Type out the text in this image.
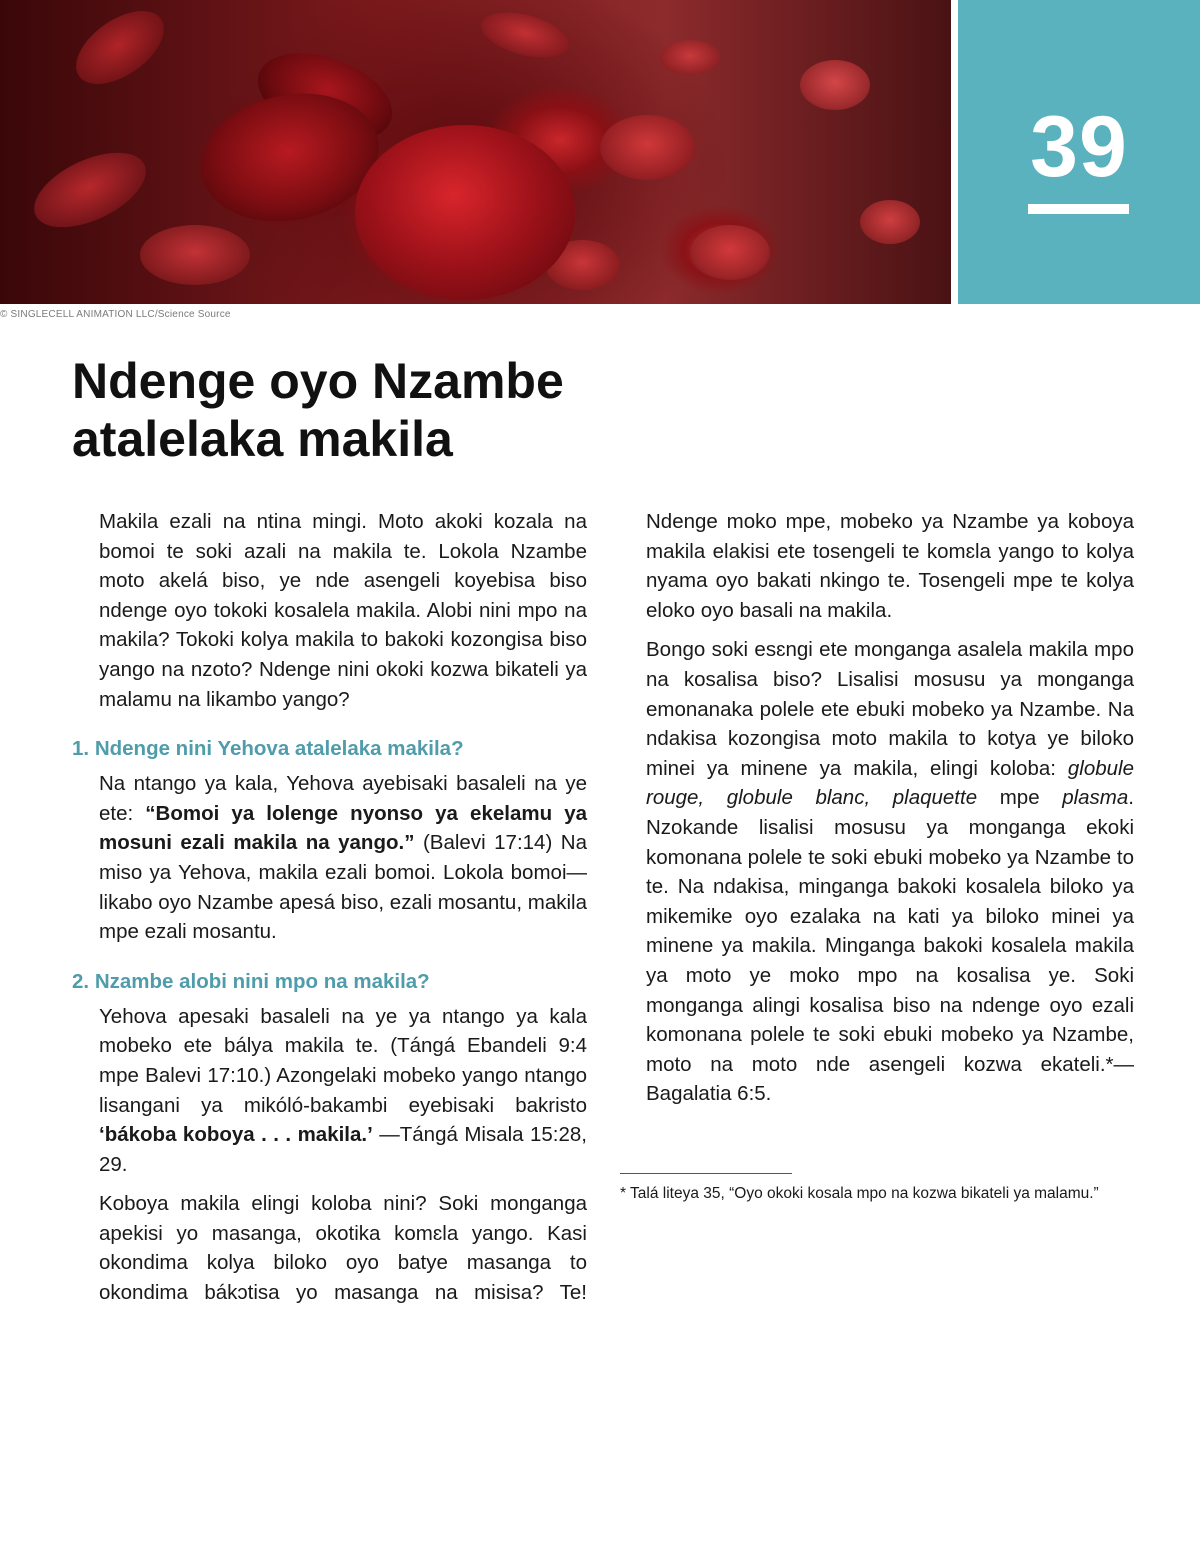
39
© SINGLECELL ANIMATION LLC/Science Source
Ndenge oyo Nzambe
atalelaka makila

Makila ezali na ntina mingi. Moto akoki kozala na bomoi te soki azali na makila te. Lokola Nzambe moto akelá biso, ye nde asengeli koyebisa biso ndenge oyo tokoki kosalela makila. Alobi nini mpo na makila? Tokoki kolya makila to bakoki kozongisa biso yango na nzoto? Ndenge nini okoki kozwa bikateli ya malamu na likambo yango?

1. Ndenge nini Yehova atalelaka makila?

Na ntango ya kala, Yehova ayebisaki basaleli na ye ete: “Bomoi ya lolenge nyonso ya ekelamu ya mosuni ezali makila na yango.” (Balevi 17:14) Na miso ya Yehova, makila ezali bomoi. Lokola bomoi—likabo oyo Nzambe apesá biso, ezali mosantu, makila mpe ezali mosantu.

2. Nzambe alobi nini mpo na makila?

Yehova apesaki basaleli na ye ya ntango ya kala mobeko ete bálya makila te. (Tángá Ebandeli 9:4 mpe Balevi 17:10.) Azongelaki mobeko yango ntango lisangani ya mikóló-bakambi eyebisaki bakristo ‘bákoba koboya . . . makila.’ —Tángá Misala 15:28, 29.

Koboya makila elingi koloba nini? Soki monganga apekisi yo masanga, okotika komɛla yango. Kasi okondima kolya biloko oyo batye masanga to okondima bákɔtisa yo masanga na misisa? Te!

Ndenge moko mpe, mobeko ya Nzambe ya koboya makila elakisi ete tosengeli te komɛla yango to kolya nyama oyo bakati nkingo te. Tosengeli mpe te kolya eloko oyo basali na makila.

Bongo soki esɛngi ete monganga asalela makila mpo na kosalisa biso? Lisalisi mosusu ya monganga emonanaka polele ete ebuki mobeko ya Nzambe. Na ndakisa kozongisa moto makila to kotya ye biloko minei ya minene ya makila, elingi koloba: globule rouge, globule blanc, plaquette mpe plasma. Nzokande lisalisi mosusu ya monganga ekoki komonana polele te soki ebuki mobeko ya Nzambe to te. Na ndakisa, minganga bakoki kosalela biloko ya mikemike oyo ezalaka na kati ya biloko minei ya minene ya makila. Minganga bakoki kosalela makila ya moto ye moko mpo na kosalisa ye. Soki monganga alingi kosalisa biso na ndenge oyo ezali komonana polele te soki ebuki mobeko ya Nzambe, moto na moto nde asengeli kozwa ekateli.*—Bagalatia 6:5.

* Talá liteya 35, “Oyo okoki kosala mpo na kozwa bikateli ya malamu.”
